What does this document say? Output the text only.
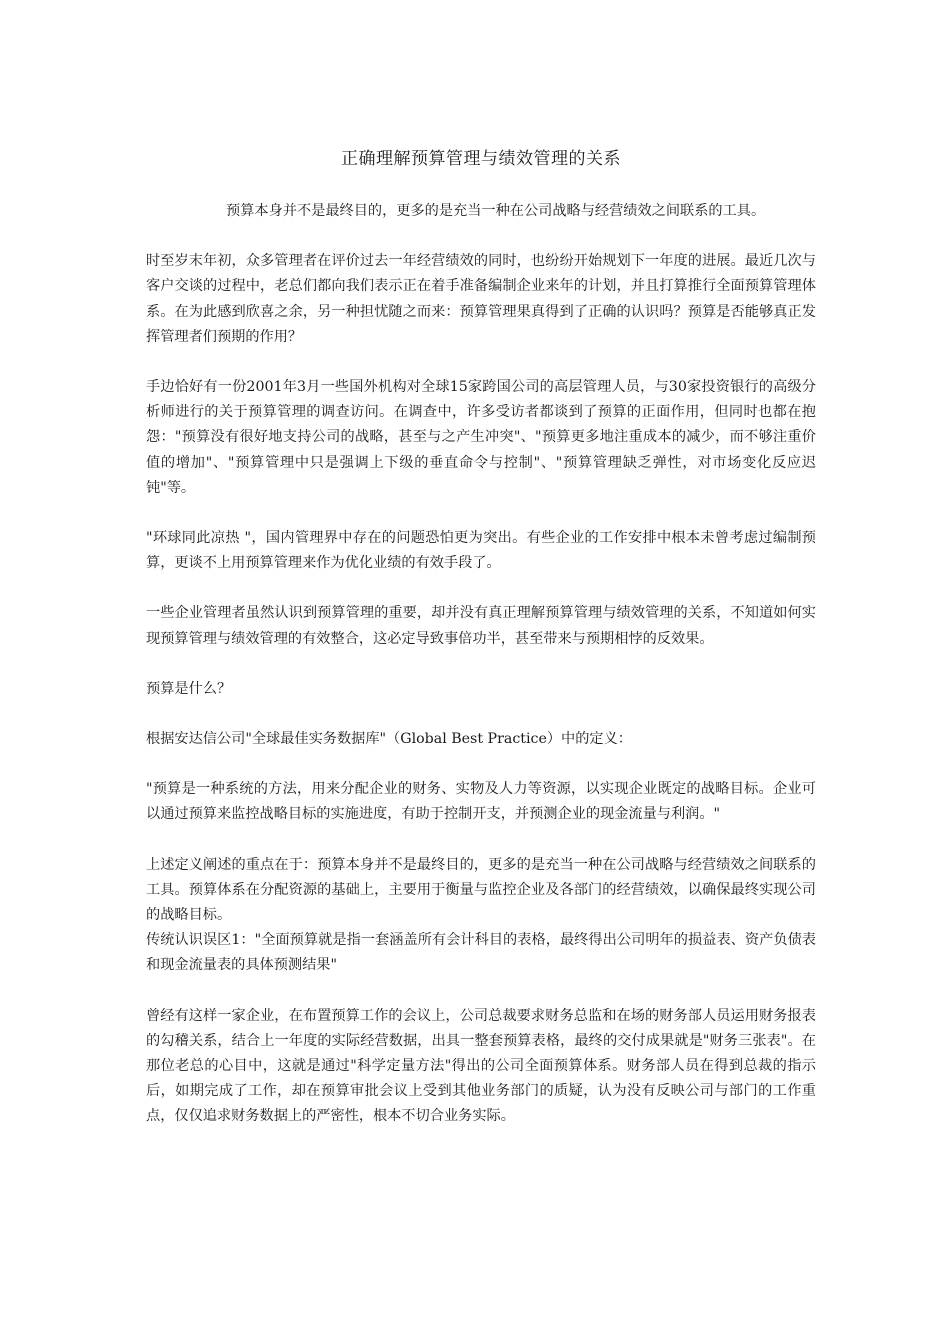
正确理解预算管理与绩效管理的关系

预算本身并不是最终目的，更多的是充当一种在公司战略与经营绩效之间联系的工具。

时至岁末年初，众多管理者在评价过去一年经营绩效的同时，也纷纷开始规划下一年度的进展。最近几次与客户交谈的过程中，老总们都向我们表示正在着手准备编制企业来年的计划，并且打算推行全面预算管理体系。在为此感到欣喜之余，另一种担忧随之而来：预算管理果真得到了正确的认识吗？预算是否能够真正发挥管理者们预期的作用？

手边恰好有一份2001年3月一些国外机构对全球15家跨国公司的高层管理人员，与30家投资银行的高级分析师进行的关于预算管理的调查访问。在调查中，许多受访者都谈到了预算的正面作用，但同时也都在抱怨："预算没有很好地支持公司的战略，甚至与之产生冲突"、"预算更多地注重成本的减少，而不够注重价值的增加"、"预算管理中只是强调上下级的垂直命令与控制"、"预算管理缺乏弹性，对市场变化反应迟钝"等。

"环球同此凉热 "，国内管理界中存在的问题恐怕更为突出。有些企业的工作安排中根本未曾考虑过编制预算，更谈不上用预算管理来作为优化业绩的有效手段了。

一些企业管理者虽然认识到预算管理的重要，却并没有真正理解预算管理与绩效管理的关系，不知道如何实现预算管理与绩效管理的有效整合，这必定导致事倍功半，甚至带来与预期相悖的反效果。

预算是什么？

根据安达信公司"全球最佳实务数据库"（Global Best Practice）中的定义：

"预算是一种系统的方法，用来分配企业的财务、实物及人力等资源，以实现企业既定的战略目标。企业可以通过预算来监控战略目标的实施进度，有助于控制开支，并预测企业的现金流量与利润。"

上述定义阐述的重点在于：预算本身并不是最终目的，更多的是充当一种在公司战略与经营绩效之间联系的工具。预算体系在分配资源的基础上，主要用于衡量与监控企业及各部门的经营绩效，以确保最终实现公司的战略目标。

传统认识误区1："全面预算就是指一套涵盖所有会计科目的表格，最终得出公司明年的损益表、资产负债表和现金流量表的具体预测结果"

曾经有这样一家企业，在布置预算工作的会议上，公司总裁要求财务总监和在场的财务部人员运用财务报表的勾稽关系，结合上一年度的实际经营数据，出具一整套预算表格，最终的交付成果就是"财务三张表"。在那位老总的心目中，这就是通过"科学定量方法"得出的公司全面预算体系。财务部人员在得到总裁的指示后，如期完成了工作，却在预算审批会议上受到其他业务部门的质疑，认为没有反映公司与部门的工作重点，仅仅追求财务数据上的严密性，根本不切合业务实际。
